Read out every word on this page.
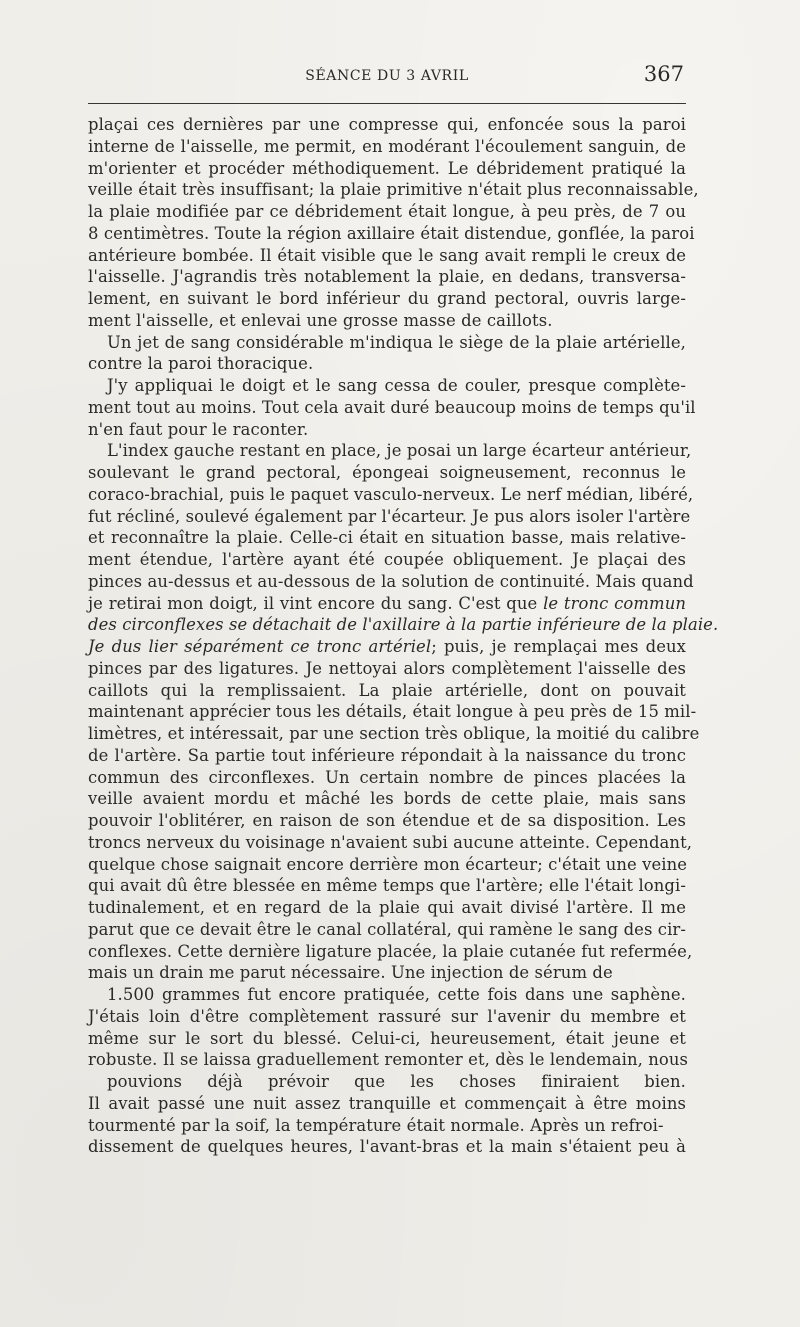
SÉANCE DU 3 AVRIL	367
plaçai ces dernières par une compresse qui, enfoncée sous la paroi
interne de l'aisselle, me permit, en modérant l'écoulement sanguin, de
m'orienter et procéder méthodiquement. Le débridement pratiqué la
veille était très insuffisant; la plaie primitive n'était plus reconnaissable,
la plaie modifiée par ce débridement était longue, à peu près, de 7 ou
8 centimètres. Toute la région axillaire était distendue, gonflée, la paroi
antérieure bombée. Il était visible que le sang avait rempli le creux de
l'aisselle. J'agrandis très notablement la plaie, en dedans, transversa-
lement, en suivant le bord inférieur du grand pectoral, ouvris large-
ment l'aisselle, et enlevai une grosse masse de caillots.
Un jet de sang considérable m'indiqua le siège de la plaie artérielle,
contre la paroi thoracique.
J'y appliquai le doigt et le sang cessa de couler, presque complète-
ment tout au moins. Tout cela avait duré beaucoup moins de temps qu'il
n'en faut pour le raconter.
L'index gauche restant en place, je posai un large écarteur antérieur,
soulevant le grand pectoral, épongeai soigneusement, reconnus le
coraco-brachial, puis le paquet vasculo-nerveux. Le nerf médian, libéré,
fut récliné, soulevé également par l'écarteur. Je pus alors isoler l'artère
et reconnaître la plaie. Celle-ci était en situation basse, mais relative-
ment étendue, l'artère ayant été coupée obliquement. Je plaçai des
pinces au-dessus et au-dessous de la solution de continuité. Mais quand
je retirai mon doigt, il vint encore du sang. C'est que le tronc commun
des circonflexes se détachait de l'axillaire à la partie inférieure de la plaie.
Je dus lier séparément ce tronc artériel; puis, je remplaçai mes deux
pinces par des ligatures. Je nettoyai alors complètement l'aisselle des
caillots qui la remplissaient. La plaie artérielle, dont on pouvait
maintenant apprécier tous les détails, était longue à peu près de 15 mil-
limètres, et intéressait, par une section très oblique, la moitié du calibre
de l'artère. Sa partie tout inférieure répondait à la naissance du tronc
commun des circonflexes. Un certain nombre de pinces placées la
veille avaient mordu et mâché les bords de cette plaie, mais sans
pouvoir l'oblitérer, en raison de son étendue et de sa disposition. Les
troncs nerveux du voisinage n'avaient subi aucune atteinte. Cependant,
quelque chose saignait encore derrière mon écarteur; c'était une veine
qui avait dû être blessée en même temps que l'artère; elle l'était longi-
tudinalement, et en regard de la plaie qui avait divisé l'artère. Il me
parut que ce devait être le canal collatéral, qui ramène le sang des cir-
conflexes. Cette dernière ligature placée, la plaie cutanée fut refermée,
mais un drain me parut nécessaire. Une injection de sérum de
1.500 grammes fut encore pratiquée, cette fois dans une saphène.
J'étais loin d'être complètement rassuré sur l'avenir du membre et
même sur le sort du blessé. Celui-ci, heureusement, était jeune et
robuste. Il se laissa graduellement remonter et, dès le lendemain, nous
pouvions déjà prévoir que les choses finiraient bien.
Il avait passé une nuit assez tranquille et commençait à être moins
tourmenté par la soif, la température était normale. Après un refroi-
dissement de quelques heures, l'avant-bras et la main s'étaient peu à
